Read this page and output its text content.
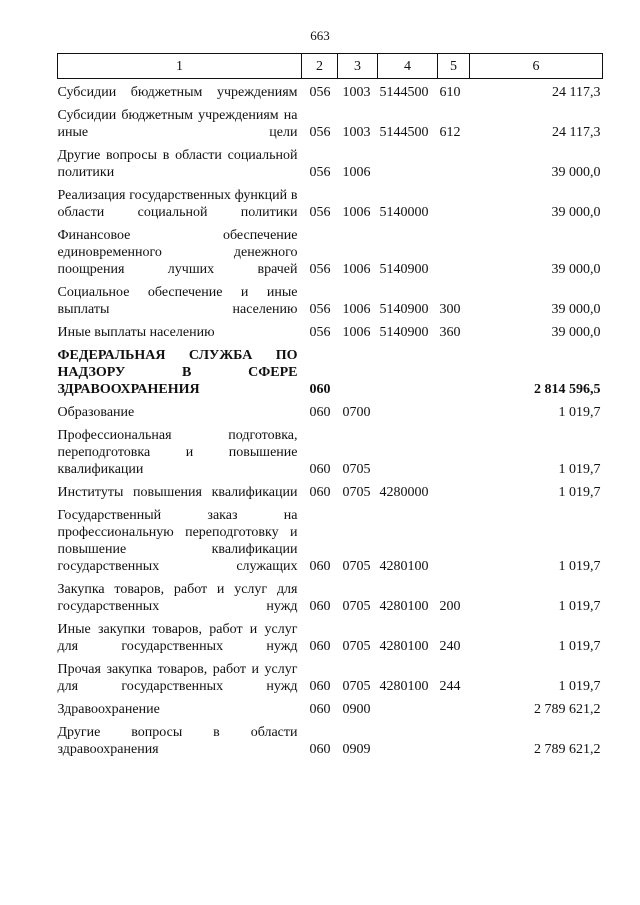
663
1	2	3	4	5	6
Субсидии бюджетным учреждениям	056	1003	5144500	610	24 117,3
Субсидии бюджетным учреждениям на иные цели	056	1003	5144500	612	24 117,3
Другие вопросы в области социальной политики	056	1006			39 000,0
Реализация государственных функций в области социальной политики	056	1006	5140000		39 000,0
Финансовое обеспечение единовременного денежного поощрения лучших врачей	056	1006	5140900		39 000,0
Социальное обеспечение и иные выплаты населению	056	1006	5140900	300	39 000,0
Иные выплаты населению	056	1006	5140900	360	39 000,0
ФЕДЕРАЛЬНАЯ СЛУЖБА ПО НАДЗОРУ В СФЕРЕ ЗДРАВООХРАНЕНИЯ	060				2 814 596,5
Образование	060	0700			1 019,7
Профессиональная подготовка, переподготовка и повышение квалификации	060	0705			1 019,7
Институты повышения квалификации	060	0705	4280000		1 019,7
Государственный заказ на профессиональную переподготовку и повышение квалификации государственных служащих	060	0705	4280100		1 019,7
Закупка товаров, работ и услуг для государственных нужд	060	0705	4280100	200	1 019,7
Иные закупки товаров, работ и услуг для государственных нужд	060	0705	4280100	240	1 019,7
Прочая закупка товаров, работ и услуг для государственных нужд	060	0705	4280100	244	1 019,7
Здравоохранение	060	0900			2 789 621,2
Другие вопросы в области здравоохранения	060	0909			2 789 621,2
